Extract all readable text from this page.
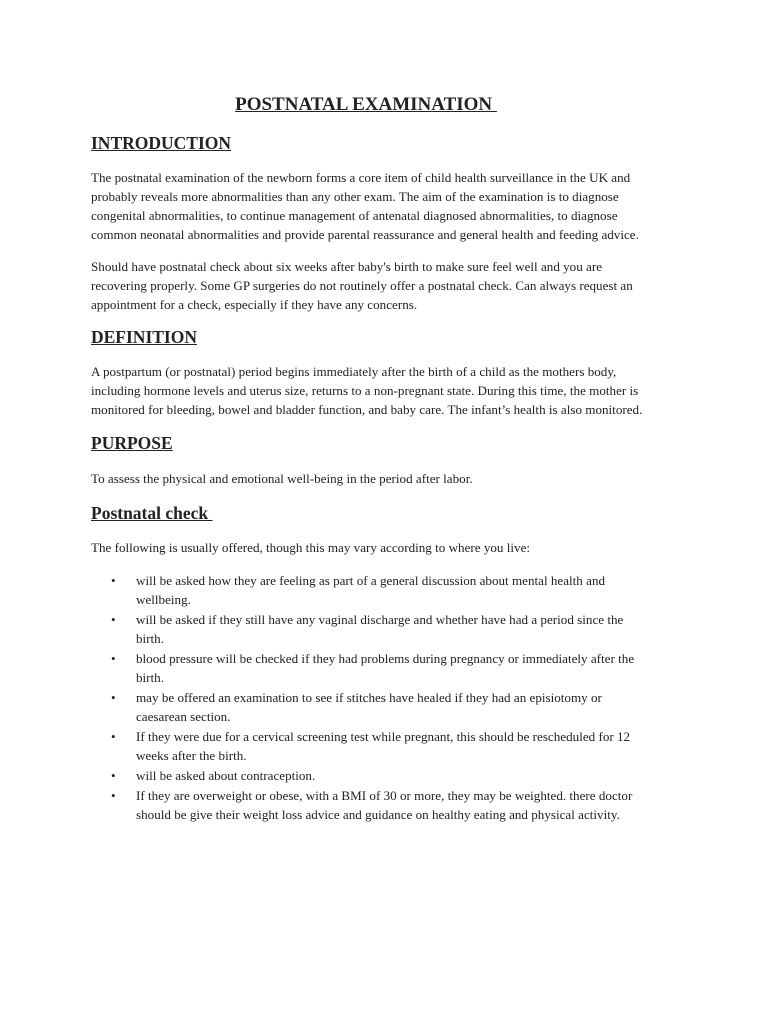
POSTNATAL EXAMINATION
INTRODUCTION

The postnatal examination of the newborn forms a core item of child health surveillance in the UK and
probably reveals more abnormalities than any other exam. The aim of the examination is to diagnose
congenital abnormalities, to continue management of antenatal diagnosed abnormalities, to diagnose
common neonatal abnormalities and provide parental reassurance and general health and feeding advice.

Should have postnatal check about six weeks after baby's birth to make sure feel well and you are
recovering properly. Some GP surgeries do not routinely offer a postnatal check. Can always request an
appointment for a check, especially if they have any concerns.

DEFINITION

A postpartum (or postnatal) period begins immediately after the birth of a child as the mothers body,
including hormone levels and uterus size, returns to a non-pregnant state. During this time, the mother is
monitored for bleeding, bowel and bladder function, and baby care. The infant’s health is also monitored.

PURPOSE

To assess the physical and emotional well-being in the period after labor.

Postnatal check

The following is usually offered, though this may vary according to where you live:

• will be asked how they are feeling as part of a general discussion about mental health and
wellbeing.
• will be asked if they still have any vaginal discharge and whether have had a period since the
birth.
• blood pressure will be checked if they had problems during pregnancy or immediately after the
birth.
• may be offered an examination to see if stitches have healed if they had an episiotomy or
caesarean section.
• If they were due for a cervical screening test while pregnant, this should be rescheduled for 12
weeks after the birth.
• will be asked about contraception.
• If they are overweight or obese, with a BMI of 30 or more, they may be weighted. there doctor
should be give their weight loss advice and guidance on healthy eating and physical activity.
